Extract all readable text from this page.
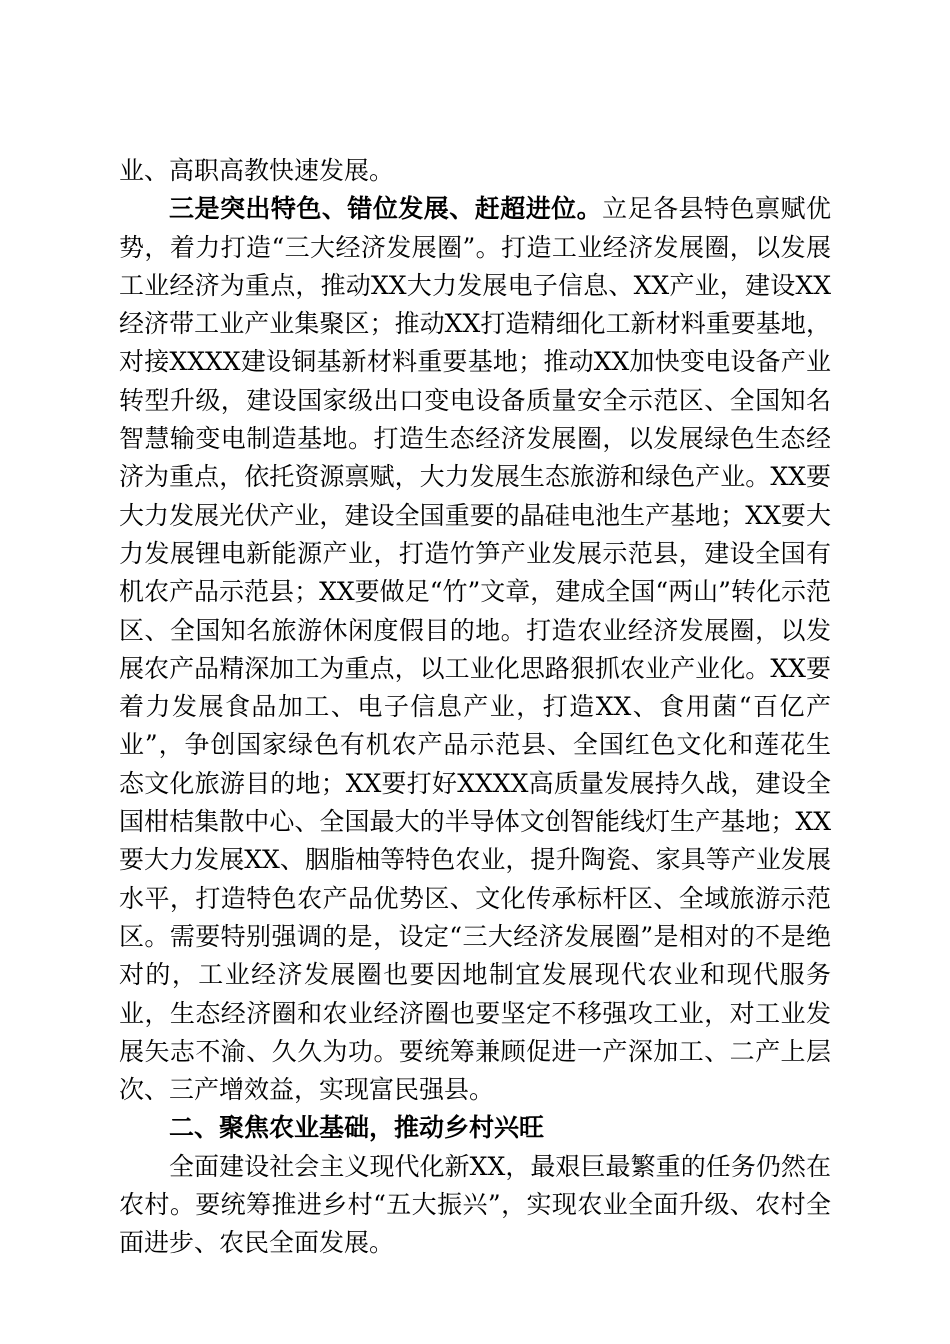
业、高职高教快速发展。

三是突出特色、错位发展、赶超进位。立足各县特色禀赋优势，着力打造“三大经济发展圈”。打造工业经济发展圈，以发展工业经济为重点，推动XX大力发展电子信息、XX产业，建设XX经济带工业产业集聚区；推动XX打造精细化工新材料重要基地，对接XXXX建设铜基新材料重要基地；推动XX加快变电设备产业转型升级，建设国家级出口变电设备质量安全示范区、全国知名智慧输变电制造基地。打造生态经济发展圈，以发展绿色生态经济为重点，依托资源禀赋，大力发展生态旅游和绿色产业。XX要大力发展光伏产业，建设全国重要的晶硅电池生产基地；XX要大力发展锂电新能源产业，打造竹笋产业发展示范县，建设全国有机农产品示范县；XX要做足“竹”文章，建成全国“两山”转化示范区、全国知名旅游休闲度假目的地。打造农业经济发展圈，以发展农产品精深加工为重点，以工业化思路狠抓农业产业化。XX要着力发展食品加工、电子信息产业，打造XX、食用菌“百亿产业”，争创国家绿色有机农产品示范县、全国红色文化和莲花生态文化旅游目的地；XX要打好XXXX高质量发展持久战，建设全国柑桔集散中心、全国最大的半导体文创智能线灯生产基地；XX要大力发展XX、胭脂柚等特色农业，提升陶瓷、家具等产业发展水平，打造特色农产品优势区、文化传承标杆区、全域旅游示范区。需要特别强调的是，设定“三大经济发展圈”是相对的不是绝对的，工业经济发展圈也要因地制宜发展现代农业和现代服务业，生态经济圈和农业经济圈也要坚定不移强攻工业，对工业发展矢志不渝、久久为功。要统筹兼顾促进一产深加工、二产上层次、三产增效益，实现富民强县。

二、聚焦农业基础，推动乡村兴旺

全面建设社会主义现代化新XX，最艰巨最繁重的任务仍然在农村。要统筹推进乡村“五大振兴”，实现农业全面升级、农村全面进步、农民全面发展。
